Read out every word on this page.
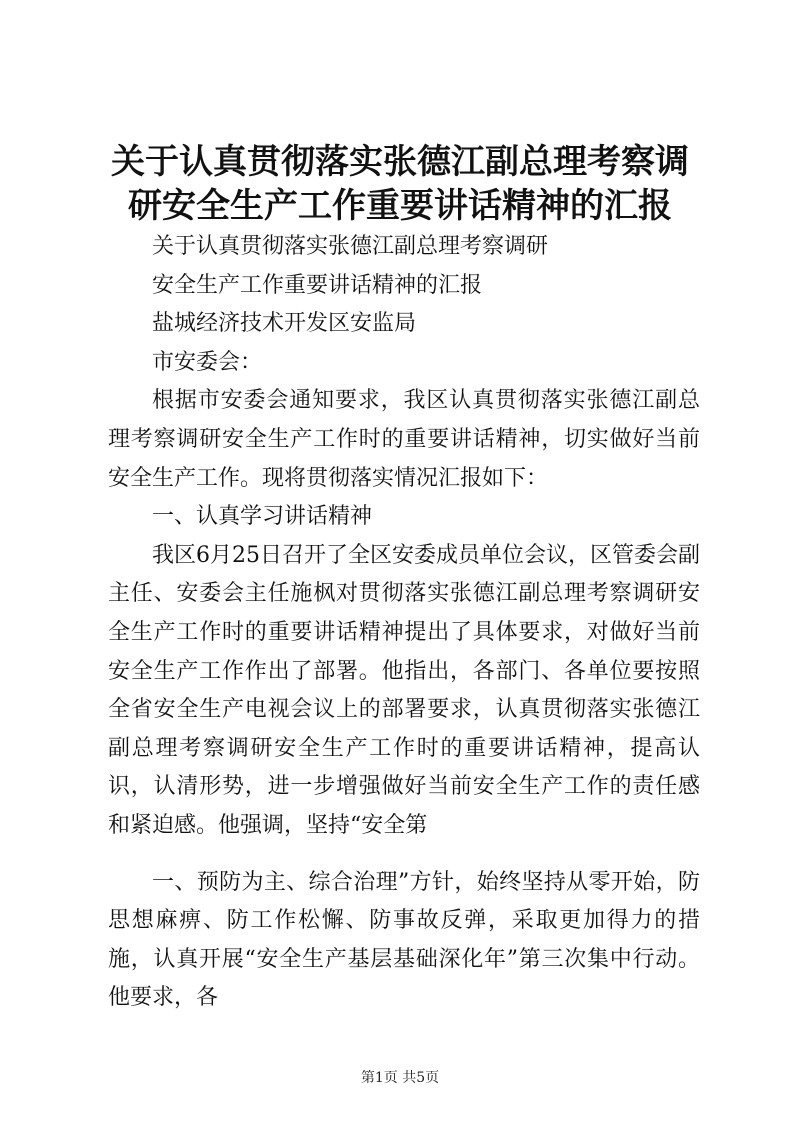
关于认真贯彻落实张德江副总理考察调研安全生产工作重要讲话精神的汇报

关于认真贯彻落实张德江副总理考察调研

安全生产工作重要讲话精神的汇报

盐城经济技术开发区安监局

市安委会：

根据市安委会通知要求，我区认真贯彻落实张德江副总理考察调研安全生产工作时的重要讲话精神，切实做好当前安全生产工作。现将贯彻落实情况汇报如下：

一、认真学习讲话精神

我区6月25日召开了全区安委成员单位会议，区管委会副主任、安委会主任施枫对贯彻落实张德江副总理考察调研安全生产工作时的重要讲话精神提出了具体要求，对做好当前安全生产工作作出了部署。他指出，各部门、各单位要按照全省安全生产电视会议上的部署要求，认真贯彻落实张德江副总理考察调研安全生产工作时的重要讲话精神，提高认识，认清形势，进一步增强做好当前安全生产工作的责任感和紧迫感。他强调，坚持“安全第

一、预防为主、综合治理”方针，始终坚持从零开始，防思想麻痹、防工作松懈、防事故反弹，采取更加得力的措施，认真开展“安全生产基层基础深化年”第三次集中行动。他要求，各

第1页 共5页
